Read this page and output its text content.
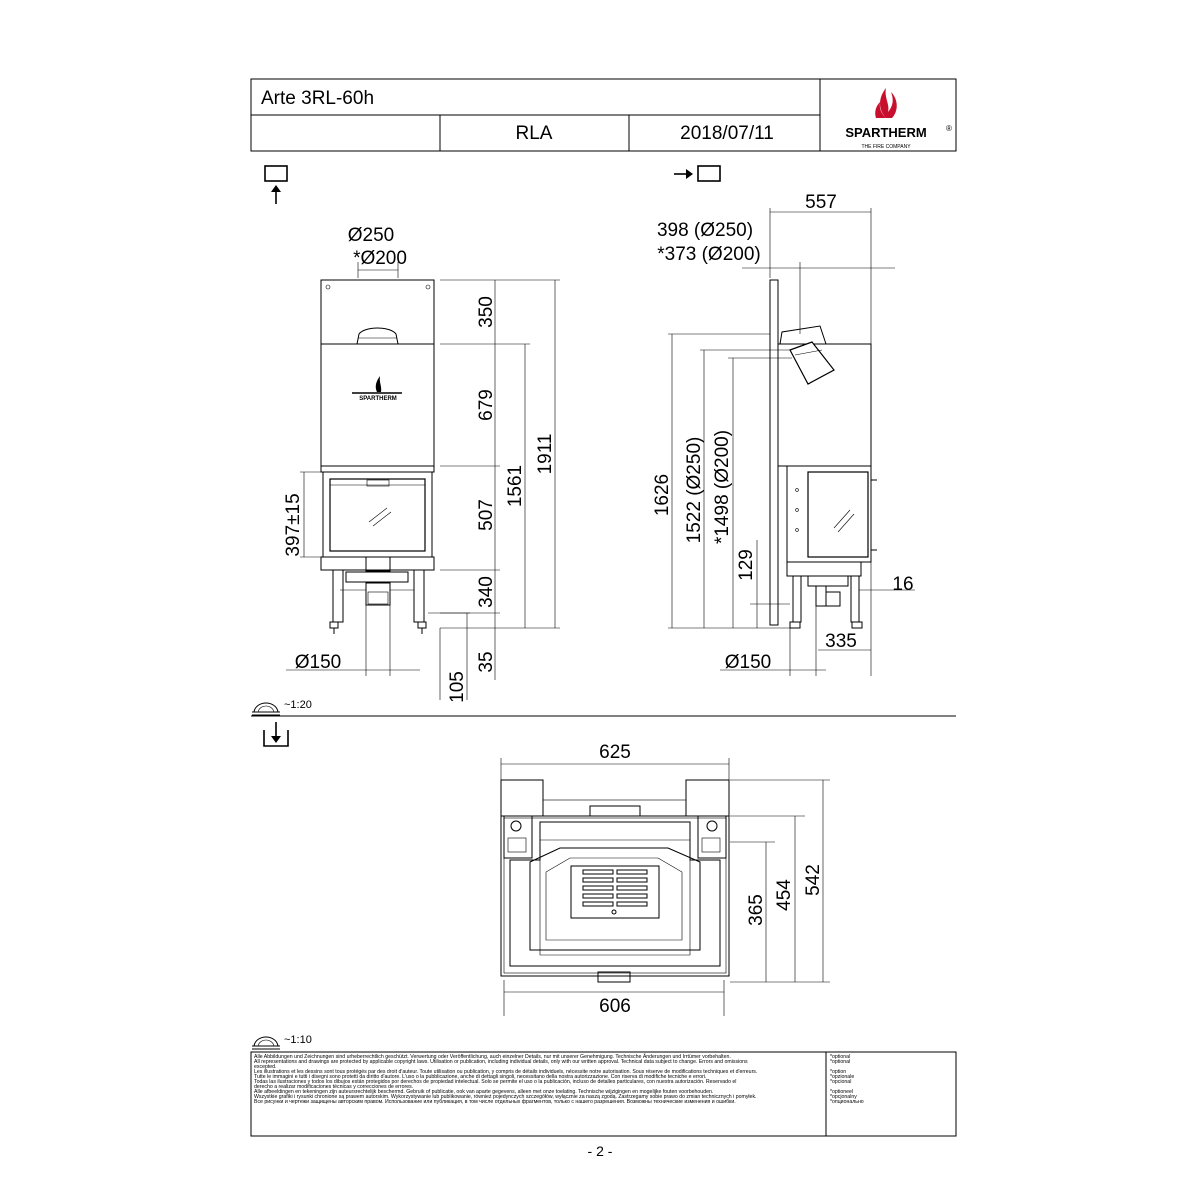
Arte 3RL-60h
RLA	2018/07/11	SPARTHERM ®
THE FIRE COMPANY
SPARTHERM
Ø250
*Ø200
350
679
507
340
35
105
1561
1911
397±15
Ø150
557
398 (Ø250)
*373 (Ø200)
1626 1522 (Ø250) *1498 (Ø200)
129
16
335
Ø150
~1:20
625
606
365 454 542
~1:10
Alle Abbildungen und Zeichnungen sind urheberrechtlich geschützt. Verwertung oder Veröffentlichung, auch einzelner Details, nur mit unserer Genehmigung. Technische Änderungen und Irrtümer vorbehalten.
All representations and drawings are protected by applicable copyright laws. Utilisation or publication, including individual details, only with our written approval. Technical data subject to change. Errors and omissions
excepted.
Les illustrations et les dessins sont tous protégés par des droit d'auteur. Toute utilisation ou publication, y compris de détails individuels, nécessite notre autorisation. Sous réserve de modifications techniques et d'erreurs.
Tutte le immagini e tutti i disegni sono protetti da diritto d'autore. L'uso o la pubblicazione, anche di dettagli singoli, necessitano della nostra autorizzazione. Con riserva di modifiche tecniche e errori.
Todas las ilustraciones y todos los dibujos están protegidos por derechos de propiedad intelectual. Solo se permite el uso o la publicación, incluso de detalles particulares, con nuestra autorización. Reservado el
derecho a realizar modificaciones técnicas y correcciones de errores.
Alle afbeeldingen en tekeningen zijn auteursrechtelijk beschermd. Gebruik of publicatie, ook van aparte gegevens, alleen met onze toelating. Technische wijzigingen en mogelijke fouten voorbehouden.
Wszystkie grafiki i rysunki chronione są prawem autorskim. Wykorzystywanie lub publikowanie, również pojedynczych szczegółów, wyłącznie za naszą zgodą. Zastrzegamy sobie prawo do zmian technicznych i pomyłek.
Все рисунки и чертежи защищены авторским правом. Использование или публикация, в том числе отдельных фрагментов, только с нашего разрешения. Возможны технические изменения и ошибки.
*optional
*optional
*option
*opzionale
*opcional
*optioneel
*opcjonalny
*опционально
- 2 -
